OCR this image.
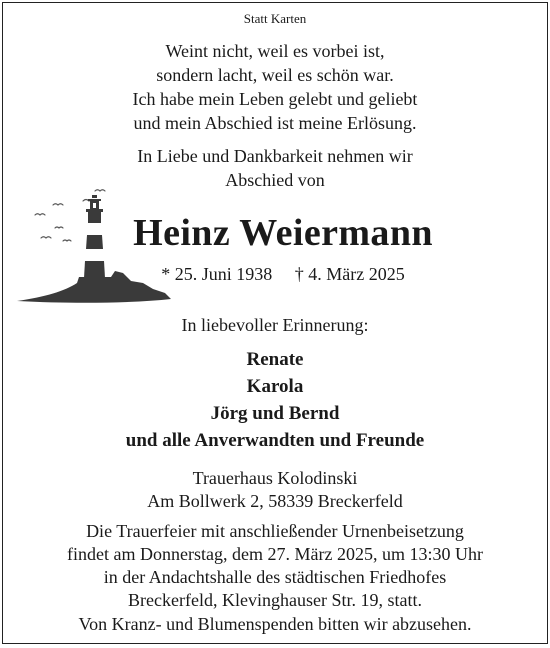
Statt Karten
Weint nicht, weil es vorbei ist,
sondern lacht, weil es schön war.
Ich habe mein Leben gelebt und geliebt
und mein Abschied ist meine Erlösung.
In Liebe und Dankbarkeit nehmen wir
Abschied von
Heinz Weiermann
* 25. Juni 1938 † 4. März 2025
In liebevoller Erinnerung:
Renate
Karola
Jörg und Bernd
und alle Anverwandten und Freunde
Trauerhaus Kolodinski
Am Bollwerk 2, 58339 Breckerfeld
Die Trauerfeier mit anschließender Urnenbeisetzung
findet am Donnerstag, dem 27. März 2025, um 13:30 Uhr
in der Andachtshalle des städtischen Friedhofes
Breckerfeld, Klevinghauser Str. 19, statt.
Von Kranz- und Blumenspenden bitten wir abzusehen.
